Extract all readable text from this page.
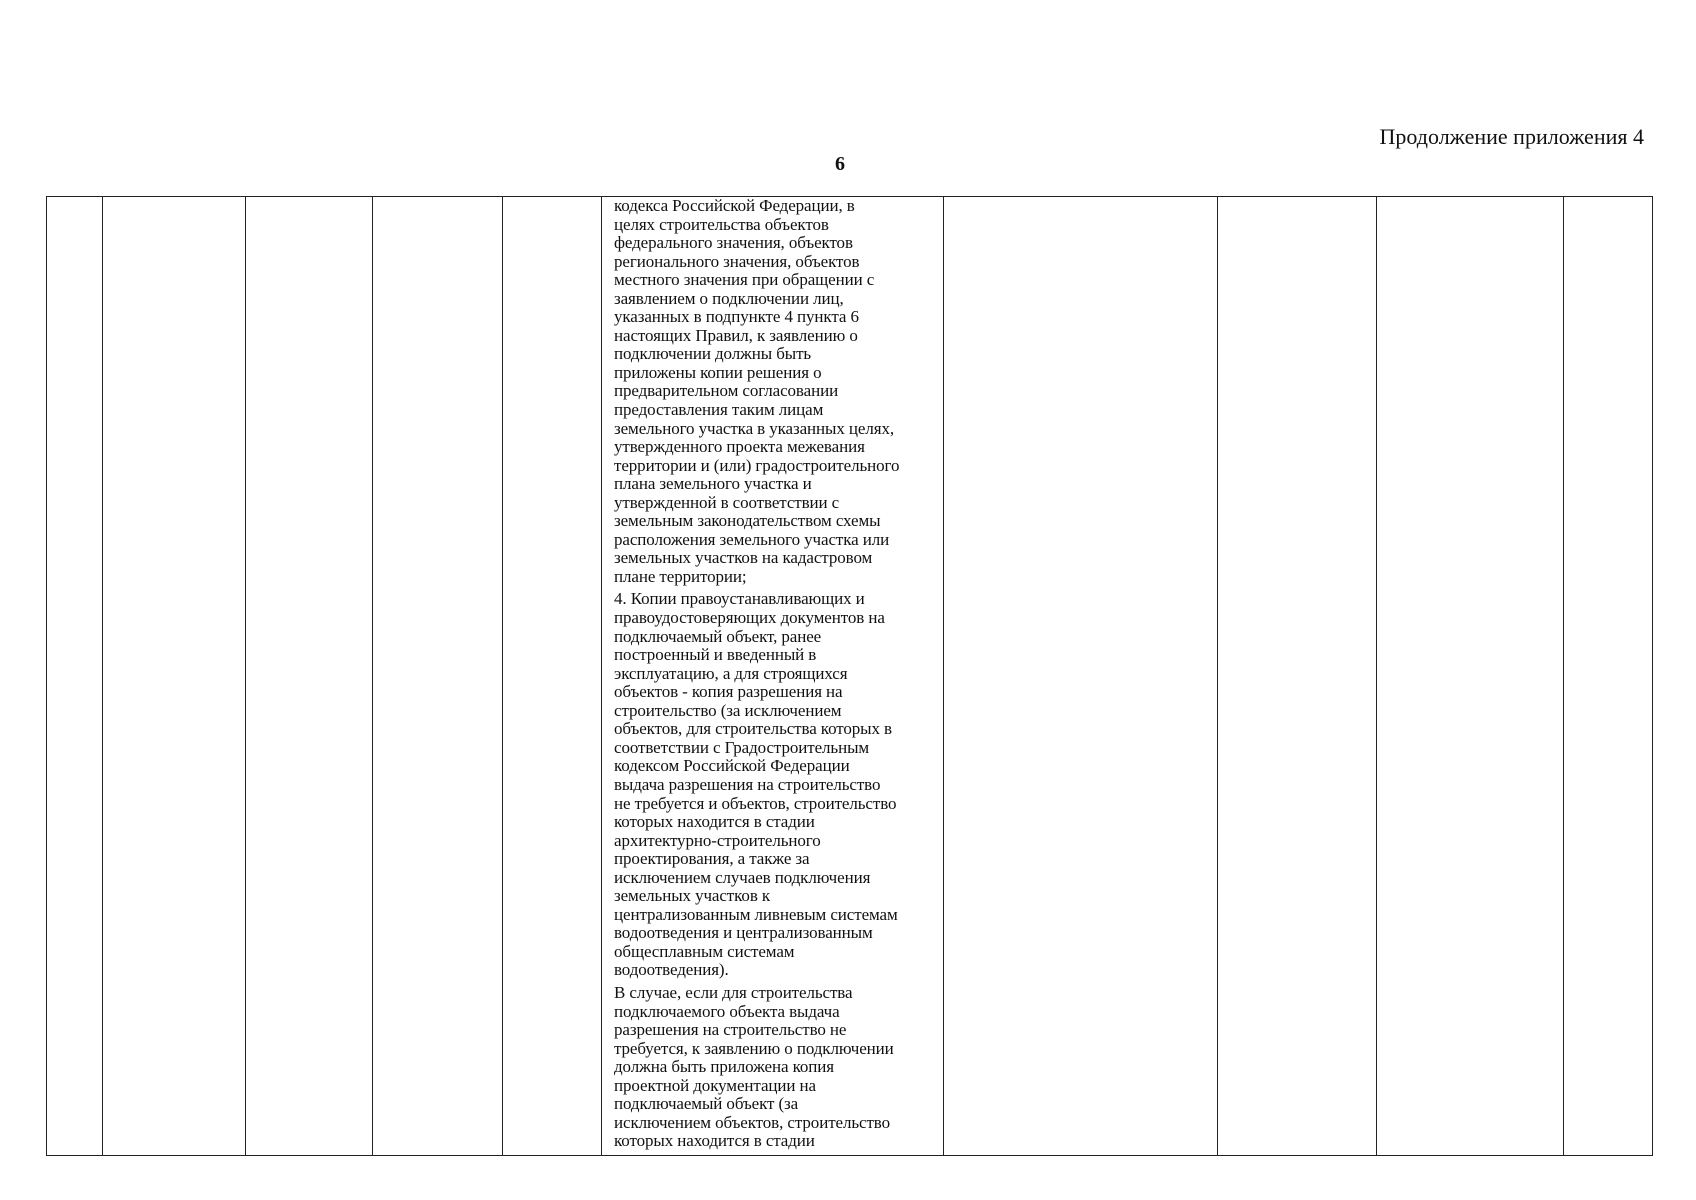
Продолжение приложения 4
6

кодекса Российской Федерации, в
целях строительства объектов
федерального значения, объектов
регионального значения, объектов
местного значения при обращении с
заявлением о подключении лиц,
указанных в подпункте 4 пункта 6
настоящих Правил, к заявлению о
подключении должны быть
приложены копии решения о
предварительном согласовании
предоставления таким лицам
земельного участка в указанных целях,
утвержденного проекта межевания
территории и (или) градостроительного
плана земельного участка и
утвержденной в соответствии с
земельным законодательством схемы
расположения земельного участка или
земельных участков на кадастровом
плане территории;

4. Копии правоустанавливающих и
правоудостоверяющих документов на
подключаемый объект, ранее
построенный и введенный в
эксплуатацию, а для строящихся
объектов - копия разрешения на
строительство (за исключением
объектов, для строительства которых в
соответствии с Градостроительным
кодексом Российской Федерации
выдача разрешения на строительство
не требуется и объектов, строительство
которых находится в стадии
архитектурно-строительного
проектирования, а также за
исключением случаев подключения
земельных участков к
централизованным ливневым системам
водоотведения и централизованным
общесплавным системам
водоотведения).

В случае, если для строительства
подключаемого объекта выдача
разрешения на строительство не
требуется, к заявлению о подключении
должна быть приложена копия
проектной документации на
подключаемый объект (за
исключением объектов, строительство
которых находится в стадии
